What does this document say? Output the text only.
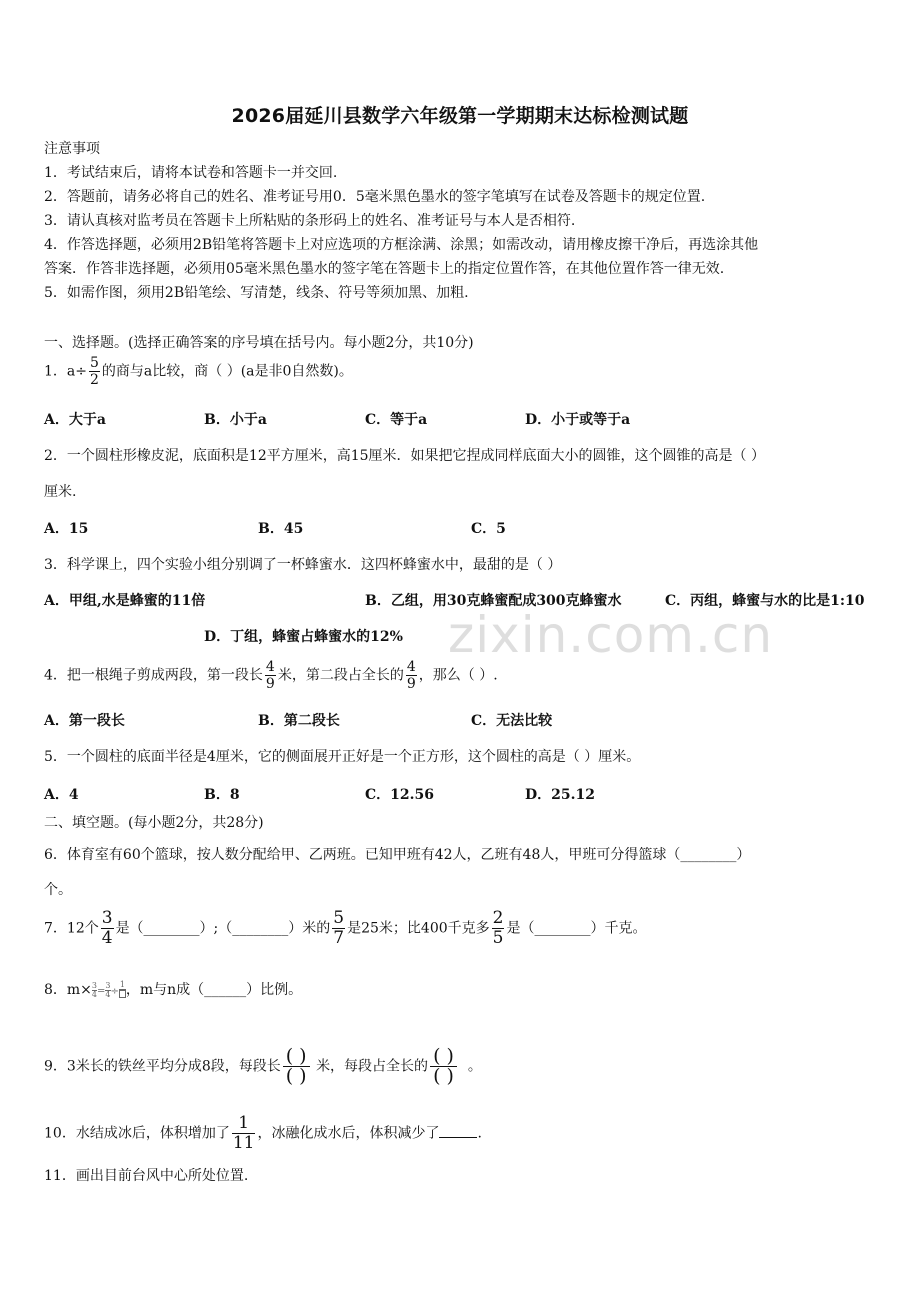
2026届延川县数学六年级第一学期期末达标检测试题
注意事项
1．考试结束后，请将本试卷和答题卡一并交回.
2．答题前，请务必将自己的姓名、准考证号用0．5毫米黑色墨水的签字笔填写在试卷及答题卡的规定位置.
3．请认真核对监考员在答题卡上所粘贴的条形码上的姓名、准考证号与本人是否相符.
4．作答选择题，必须用2B铅笔将答题卡上对应选项的方框涂满、涂黑；如需改动，请用橡皮擦干净后，再选涂其他
答案．作答非选择题，必须用05毫米黑色墨水的签字笔在答题卡上的指定位置作答，在其他位置作答一律无效.
5．如需作图，须用2B铅笔绘、写清楚，线条、符号等须加黑、加粗.
一、选择题。(选择正确答案的序号填在括号内。每小题2分，共10分)
1．$a\div \frac{5}{2}$ 的商与a比较，商（ ）(a是非0自然数)。
A．大于a	B．小于a	C．等于a	D．小于或等于a
2．一个圆柱形橡皮泥，底面积是12平方厘米，高15厘米．如果把它捏成同样底面大小的圆锥，这个圆锥的高是（ ）
厘米.
A．15	B．45	C．5
3．科学课上，四个实验小组分别调了一杯蜂蜜水．这四杯蜂蜜水中，最甜的是（ ）
A．甲组,水是蜂蜜的11倍	B．乙组，用30克蜂蜜配成300克蜂蜜水	C．丙组，蜂蜜与水的比是1:10
D．丁组，蜂蜜占蜂蜜水的12% zixin.com.cn
4．把一根绳子剪成两段，第一段长 $\frac{4}{9}$ 米，第二段占全长的 $\frac{4}{9}$ ，那么（ ）.
A．第一段长	B．第二段长	C．无法比较
5．一个圆柱的底面半径是4厘米，它的侧面展开正好是一个正方形，这个圆柱的高是（ ）厘米。
A．4	B．8	C．12.56	D．25.12
二、填空题。(每小题2分，共28分)
6．体育室有60个篮球，按人数分配给甲、乙两班。已知甲班有42人，乙班有48人，甲班可分得篮球（________）
个。
7．12个 $\frac{3}{4}$ 是（________）;（________）米的 $\frac{5}{7}$ 是25米；比400千克多 $\frac{2}{5}$ 是（________）千克。
8．$m\times \frac{3}{4} = \frac{3}{4}$ ÷
1 ，m与n成（______）比例。
9．3米长的铁丝平均分成8段，每段长 $\frac{( )}{( )}$ 米，每段占全长的 $\frac{( )}{( )}$ 。
10．水结成冰后，体积增加了 $\frac{1}{11}$ ，冰融化成水后，体积减少了	.
11．画出目前台风中心所处位置.
